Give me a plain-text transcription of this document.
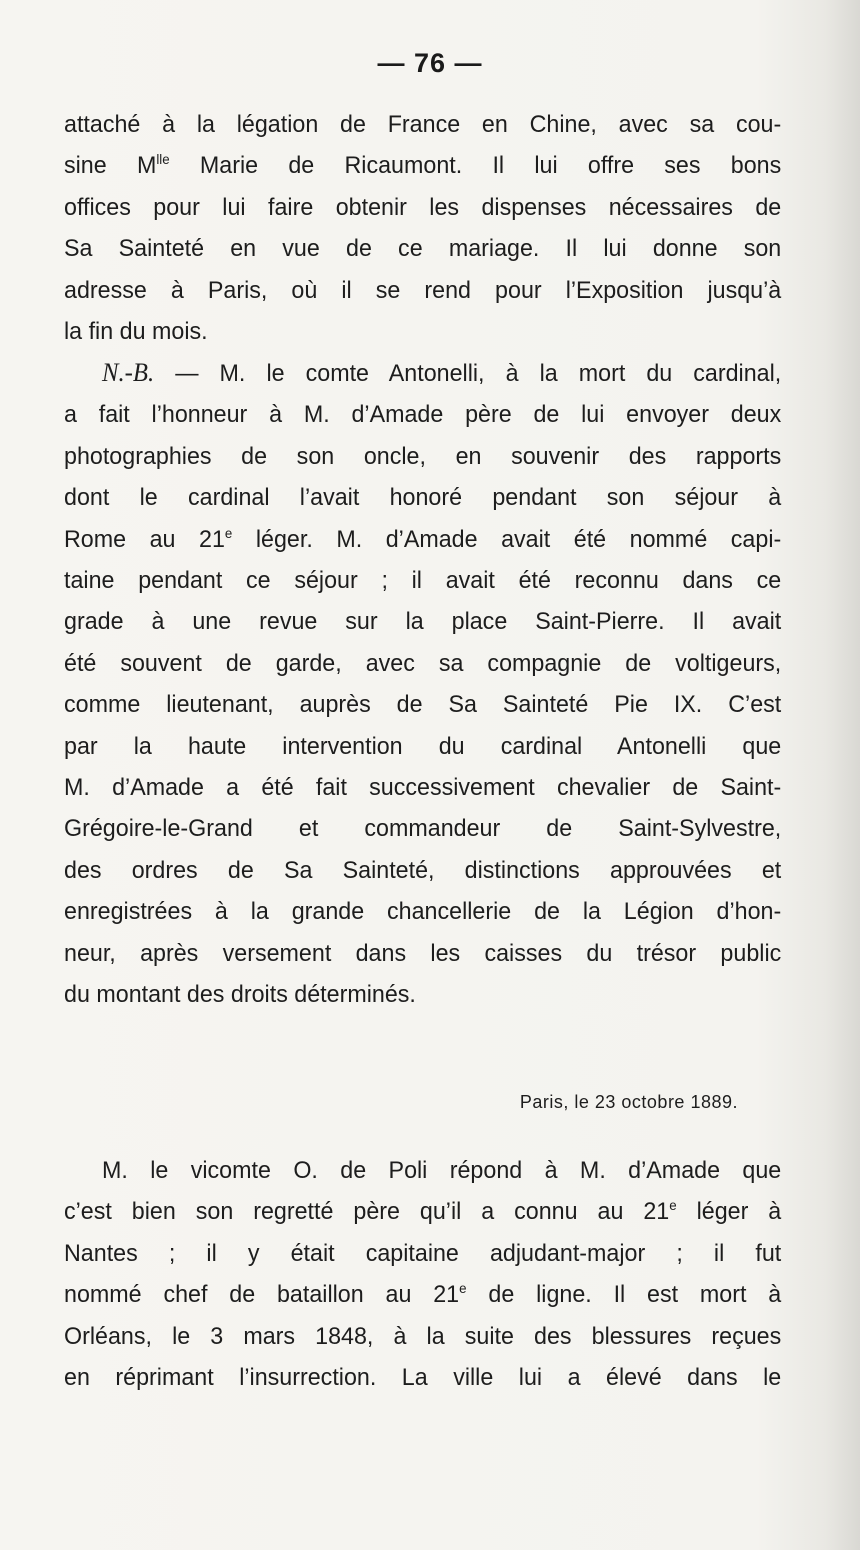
— 76 —
attaché à la légation de France en Chine, avec sa cou-
sine $M^{lle}$ Marie de Ricaumont. Il lui offre ses bons
offices pour lui faire obtenir les dispenses nécessaires de
Sa Sainteté en vue de ce mariage. Il lui donne son
adresse à Paris, où il se rend pour l’Exposition jusqu’à
la fin du mois.
N.-B. — M. le comte Antonelli, à la mort du cardinal,
a fait l’honneur à M. d’Amade père de lui envoyer deux
photographies de son oncle, en souvenir des rapports
dont le cardinal l’avait honoré pendant son séjour à
Rome au 21e léger. M. d’Amade avait été nommé capi-
taine pendant ce séjour ; il avait été reconnu dans ce
grade à une revue sur la place Saint-Pierre. Il avait
été souvent de garde, avec sa compagnie de voltigeurs,
comme lieutenant, auprès de Sa Sainteté Pie IX. C’est
par la haute intervention du cardinal Antonelli que
M. d’Amade a été fait successivement chevalier de Saint-
Grégoire-le-Grand et commandeur de Saint-Sylvestre,
des ordres de Sa Sainteté, distinctions approuvées et
enregistrées à la grande chancellerie de la Légion d’hon-
neur, après versement dans les caisses du trésor public
du montant des droits déterminés.
Paris, le 23 octobre 1889.
M. le vicomte O. de Poli répond à M. d’Amade que
c’est bien son regretté père qu’il a connu au 21e léger à
Nantes ; il y était capitaine adjudant-major ; il fut
nommé chef de bataillon au 21e de ligne. Il est mort à
Orléans, le 3 mars 1848, à la suite des blessures reçues
en réprimant l’insurrection. La ville lui a élevé dans le
